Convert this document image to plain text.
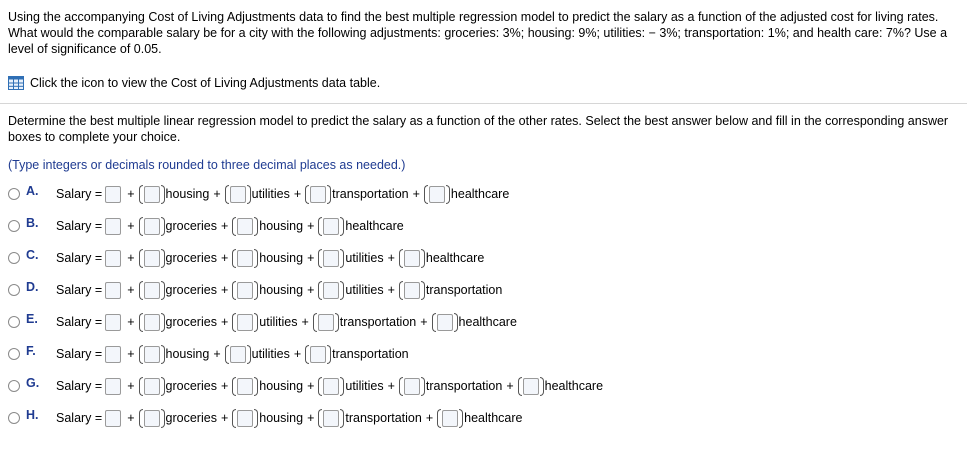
Using the accompanying Cost of Living Adjustments data to find the best multiple regression model to predict the salary as a function of the adjusted cost for living rates. What would the comparable salary be for a city with the following adjustments: groceries: 3%; housing: 9%; utilities: − 3%; transportation: 1%; and health care: 7%? Use a level of significance of 0.05.
Click the icon to view the Cost of Living Adjustments data table.
Determine the best multiple linear regression model to predict the salary as a function of the other rates. Select the best answer below and fill in the corresponding answer boxes to complete your choice.
(Type integers or decimals rounded to three decimal places as needed.)
A.	Salary = + housing + utilities + transportation + healthcare
B.	Salary = + groceries + housing + healthcare
C.	Salary = + groceries + housing + utilities + healthcare
D.	Salary = + groceries + housing + utilities + transportation
E.	Salary = + groceries + utilities + transportation + healthcare
F.	Salary = + housing + utilities + transportation
G.	Salary = + groceries + housing + utilities + transportation + healthcare
H.	Salary = + groceries + housing + transportation + healthcare
